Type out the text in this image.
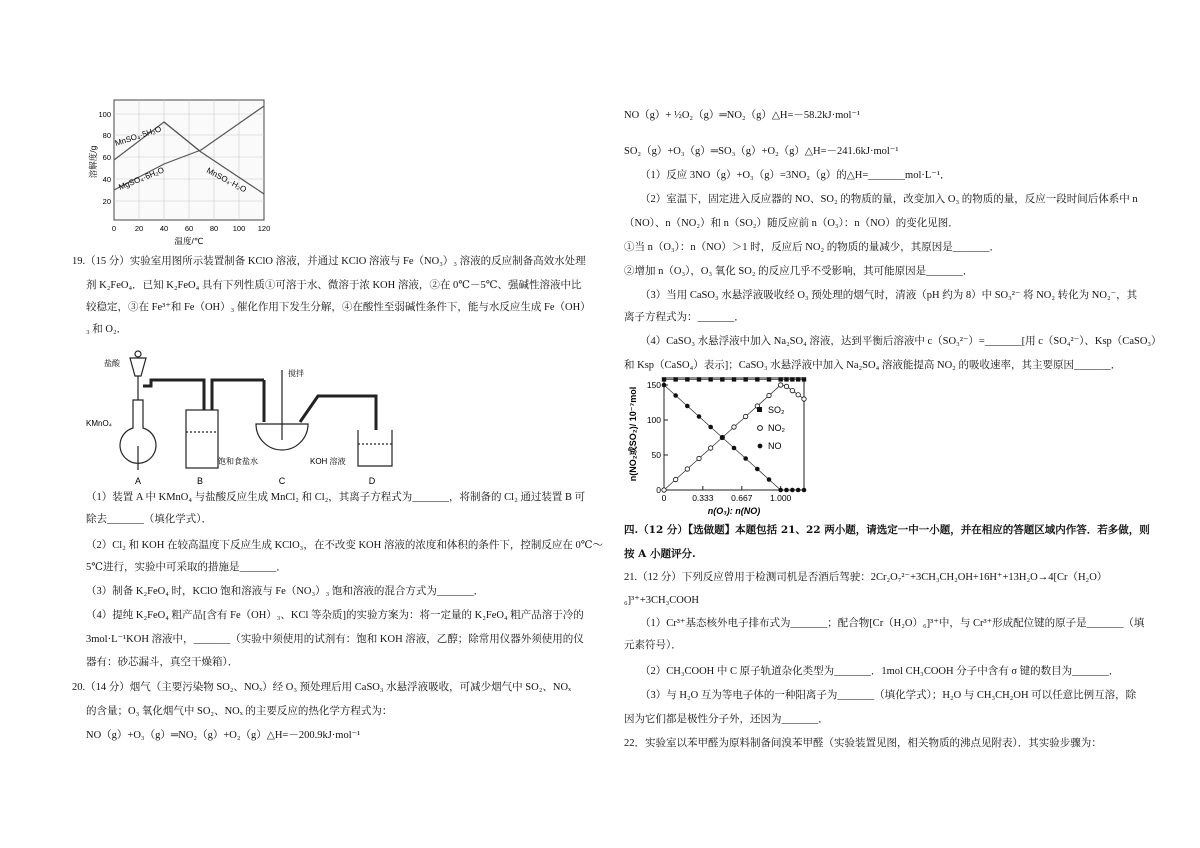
MnSO₄·5H₂O
MgSO₄·6H₂O	MnSO₄·H₂O
20
40
60
80
100
0 20 40 60 80 100 120
温度/℃
溶解度/g
19.（15 分）实验室用图所示装置制备 KClO 溶液，并通过 KClO 溶液与 Fe（NO₃）₃ 溶液的反应制备高效水处理
剂 K₂FeO₄．已知 K₂FeO₄ 具有下列性质①可溶于水、微溶于浓 KOH 溶液，②在 0℃－5℃、强碱性溶液中比
较稳定，③在 Fe³⁺和 Fe（OH）₃ 催化作用下发生分解，④在酸性至弱碱性条件下，能与水反应生成 Fe（OH）
₃ 和 O₂．
盐酸
搅拌
KMnO₄
饱和食盐水	KOH 溶液
A	B	C	D
（1）装置 A 中 KMnO₄ 与盐酸反应生成 MnCl₂ 和 Cl₂，其离子方程式为_______，将制备的 Cl₂ 通过装置 B 可
除去_______（填化学式）．
（2）Cl₂ 和 KOH 在较高温度下反应生成 KClO₃，在不改变 KOH 溶液的浓度和体积的条件下，控制反应在 0℃～
5℃进行，实验中可采取的措施是_______．
（3）制备 K₂FeO₄ 时，KClO 饱和溶液与 Fe（NO₃）₃ 饱和溶液的混合方式为_______．
（4）提纯 K₂FeO₄ 粗产品[含有 Fe（OH）₃、KCl 等杂质]的实验方案为：将一定量的 K₂FeO₄ 粗产品溶于冷的
3mol·L⁻¹KOH 溶液中，_______（实验中须使用的试剂有：饱和 KOH 溶液，乙醇；除常用仪器外须使用的仪
器有：砂芯漏斗，真空干燥箱）．
20.（14 分）烟气（主要污染物 SO₂、NOₓ）经 O₃ 预处理后用 CaSO₃ 水悬浮液吸收，可减少烟气中 SO₂、NOₓ
的含量；O₃ 氧化烟气中 SO₂、NOₓ 的主要反应的热化学方程式为：
NO（g）+O₃（g）═NO₂（g）+O₂（g）△H=－200.9kJ·mol⁻¹
NO（g）+ ½O₂（g）═NO₂（g）△H=－58.2kJ·mol⁻¹
SO₂（g）+O₃（g）═SO₃（g）+O₂（g）△H=－241.6kJ·mol⁻¹
（1）反应 3NO（g）+O₃（g）=3NO₂（g）的△H=_______mol·L⁻¹．
（2）室温下，固定进入反应器的 NO、SO₂ 的物质的量，改变加入 O₃ 的物质的量，反应一段时间后体系中 n
（NO）、n（NO₂）和 n（SO₂）随反应前 n（O₃）：n（NO）的变化见图．
①当 n（O₃）：n（NO）＞1 时，反应后 NO₂ 的物质的量减少，其原因是_______．
②增加 n（O₃），O₃ 氧化 SO₂ 的反应几乎不受影响，其可能原因是_______．
（3）当用 CaSO₃ 水悬浮液吸收经 O₃ 预处理的烟气时，清液（pH 约为 8）中 SO₃²⁻ 将 NO₂ 转化为 NO₂⁻，其
离子方程式为：_______．
（4）CaSO₃ 水悬浮液中加入 Na₂SO₄ 溶液，达到平衡后溶液中 c（SO₃²⁻）=_______[用 c（SO₄²⁻）、Ksp（CaSO₃）
和 Ksp（CaSO₄）表示]；CaSO₃ 水悬浮液中加入 Na₂SO₄ 溶液能提高 NO₂ 的吸收速率，其主要原因_______．
0
50
100
150
0	0.333 0.667 1.000
n(O₃): n(NO)
n(NO₂或SO₂)/ 10⁻⁷mol	SO₂
NO₂
NO
四.（12 分）【选做题】本题包括 21、22 两小题，请选定一中一小题，并在相应的答题区域内作答．若多做，则
按 A 小题评分.
21.（12 分）下列反应曾用于检测司机是否酒后驾驶：2Cr₂O₇²⁻+3CH₃CH₂OH+16H⁺+13H₂O→4[Cr（H₂O）
₆]³⁺+3CH₃COOH
（1）Cr³⁺基态核外电子排布式为_______；配合物[Cr（H₂O）₆]³⁺中，与 Cr³⁺形成配位键的原子是_______（填
元素符号）．
（2）CH₃COOH 中 C 原子轨道杂化类型为_______．1mol CH₃COOH 分子中含有 σ 键的数目为_______．
（3）与 H₂O 互为等电子体的一种阳离子为_______（填化学式）；H₂O 与 CH₃CH₂OH 可以任意比例互溶，除
因为它们都是极性分子外，还因为_______．
22．实验室以苯甲醛为原料制备间溴苯甲醛（实验装置见图，相关物质的沸点见附表）．其实验步骤为：
